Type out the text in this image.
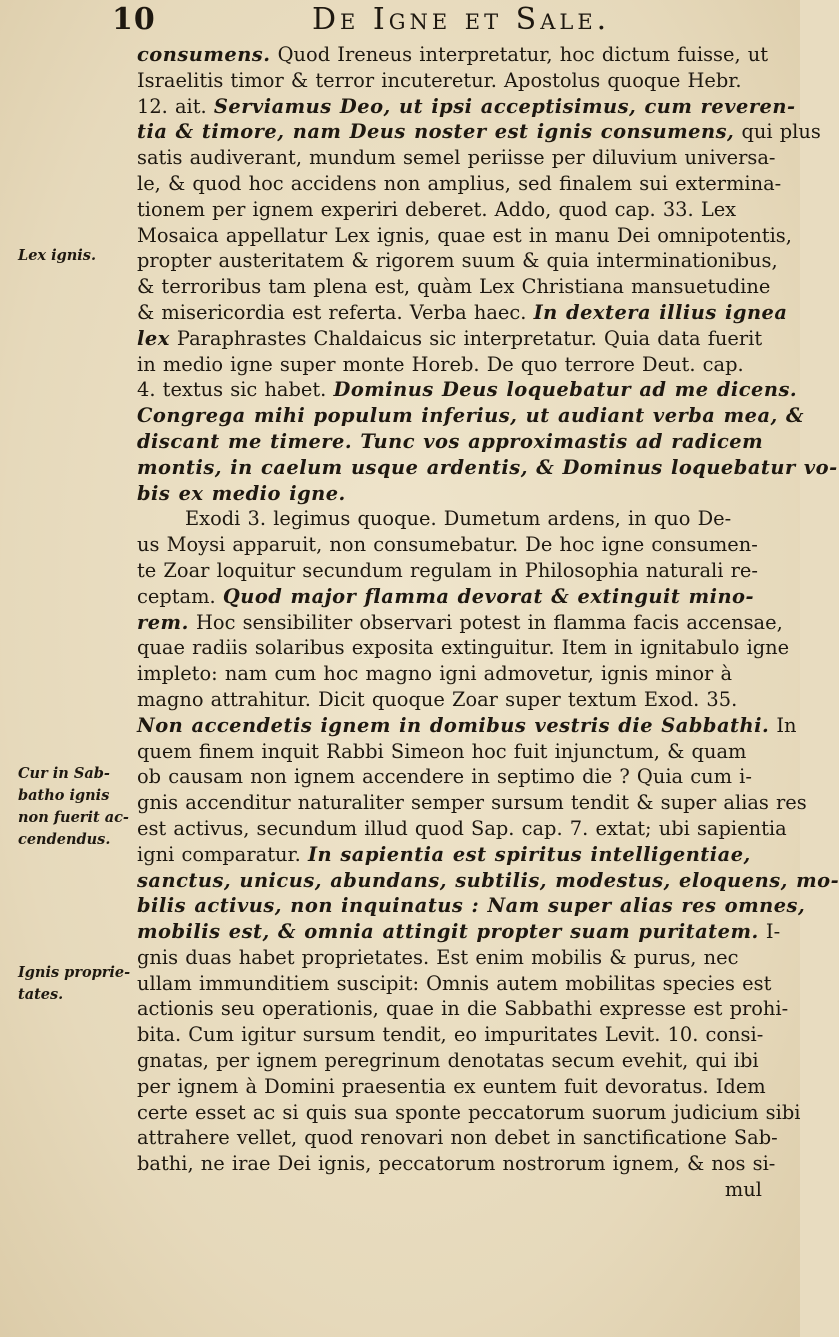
10	De Igne et Sale.
Lex ignis.
Cur in Sab-
batho ignis
non fuerit ac-
cendendus.
Ignis proprie-
tates.
consumens. Quod Ireneus interpretatur, hoc dictum fuisse, ut
Israelitis timor & terror incuteretur. Apostolus quoque Hebr.
12. ait. Serviamus Deo, ut ipsi acceptisimus, cum reveren-
tia & timore, nam Deus noster est ignis consumens, qui plus
satis audiverant, mundum semel periisse per diluvium universa-
le, & quod hoc accidens non amplius, sed finalem sui extermina-
tionem per ignem experiri deberet. Addo, quod cap. 33. Lex
Mosaica appellatur Lex ignis, quae est in manu Dei omnipotentis,
propter austeritatem & rigorem suum & quia interminationibus,
& terroribus tam plena est, quàm Lex Christiana mansuetudine
& misericordia est referta. Verba haec. In dextera illius ignea
lex Paraphrastes Chaldaicus sic interpretatur. Quia data fuerit
in medio igne super monte Horeb. De quo terrore Deut. cap.
4. textus sic habet. Dominus Deus loquebatur ad me dicens.
Congrega mihi populum inferius, ut audiant verba mea, &
discant me timere. Tunc vos approximastis ad radicem
montis, in caelum usque ardentis, & Dominus loquebatur vo-
bis ex medio igne.
Exodi 3. legimus quoque. Dumetum ardens, in quo De-
us Moysi apparuit, non consumebatur. De hoc igne consumen-
te Zoar loquitur secundum regulam in Philosophia naturali re-
ceptam. Quod major flamma devorat & extinguit mino-
rem. Hoc sensibiliter observari potest in flamma facis accensae,
quae radiis solaribus exposita extinguitur. Item in ignitabulo igne
impleto: nam cum hoc magno igni admovetur, ignis minor à
magno attrahitur. Dicit quoque Zoar super textum Exod. 35.
Non accendetis ignem in domibus vestris die Sabbathi. In
quem finem inquit Rabbi Simeon hoc fuit injunctum, & quam
ob causam non ignem accendere in septimo die ? Quia cum i-
gnis accenditur naturaliter semper sursum tendit & super alias res
est activus, secundum illud quod Sap. cap. 7. extat; ubi sapientia
igni comparatur. In sapientia est spiritus intelligentiae,
sanctus, unicus, abundans, subtilis, modestus, eloquens, mo-
bilis activus, non inquinatus : Nam super alias res omnes,
mobilis est, & omnia attingit propter suam puritatem. I-
gnis duas habet proprietates. Est enim mobilis & purus, nec
ullam immunditiem suscipit: Omnis autem mobilitas species est
actionis seu operationis, quae in die Sabbathi expresse est prohi-
bita. Cum igitur sursum tendit, eo impuritates Levit. 10. consi-
gnatas, per ignem peregrinum denotatas secum evehit, qui ibi
per ignem à Domini praesentia ex euntem fuit devoratus. Idem
certe esset ac si quis sua sponte peccatorum suorum judicium sibi
attrahere vellet, quod renovari non debet in sanctificatione Sab-
bathi, ne irae Dei ignis, peccatorum nostrorum ignem, & nos si-
mul
